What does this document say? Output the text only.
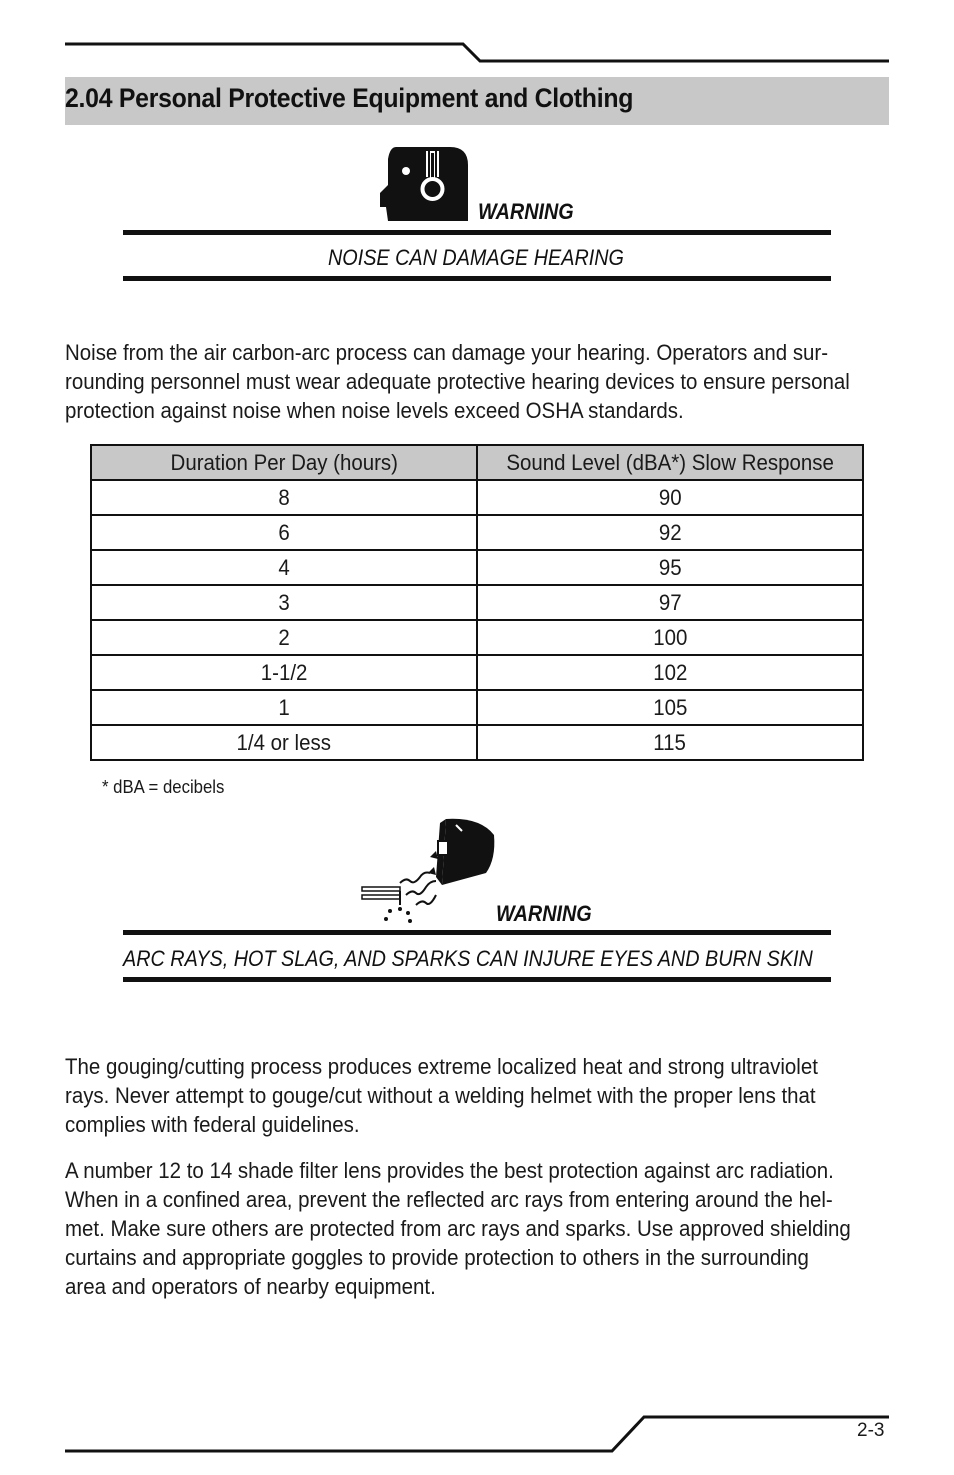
2.04 Personal Protective Equipment and Clothing
WARNING
NOISE CAN DAMAGE HEARING

Noise from the air carbon-arc process can damage your hearing. Operators and sur-

rounding personnel must wear adequate protective hearing devices to ensure personal

protection against noise when noise levels exceed OSHA standards.

Duration Per Day (hours)	Sound Level (dBA*) Slow Response
8	90
6	92
4	95
3	97
2	100
1-1/2	102
1	105
1/4 or less	115
* dBA = decibels
WARNING
ARC RAYS, HOT SLAG, AND SPARKS CAN INJURE EYES AND BURN SKIN

The gouging/cutting process produces extreme localized heat and strong ultraviolet

rays. Never attempt to gouge/cut without a welding helmet with the proper lens that

complies with federal guidelines.

A number 12 to 14 shade filter lens provides the best protection against arc radiation.

When in a confined area, prevent the reflected arc rays from entering around the hel-

met. Make sure others are protected from arc rays and sparks. Use approved shielding

curtains and appropriate goggles to provide protection to others in the surrounding

area and operators of nearby equipment.

2-3
